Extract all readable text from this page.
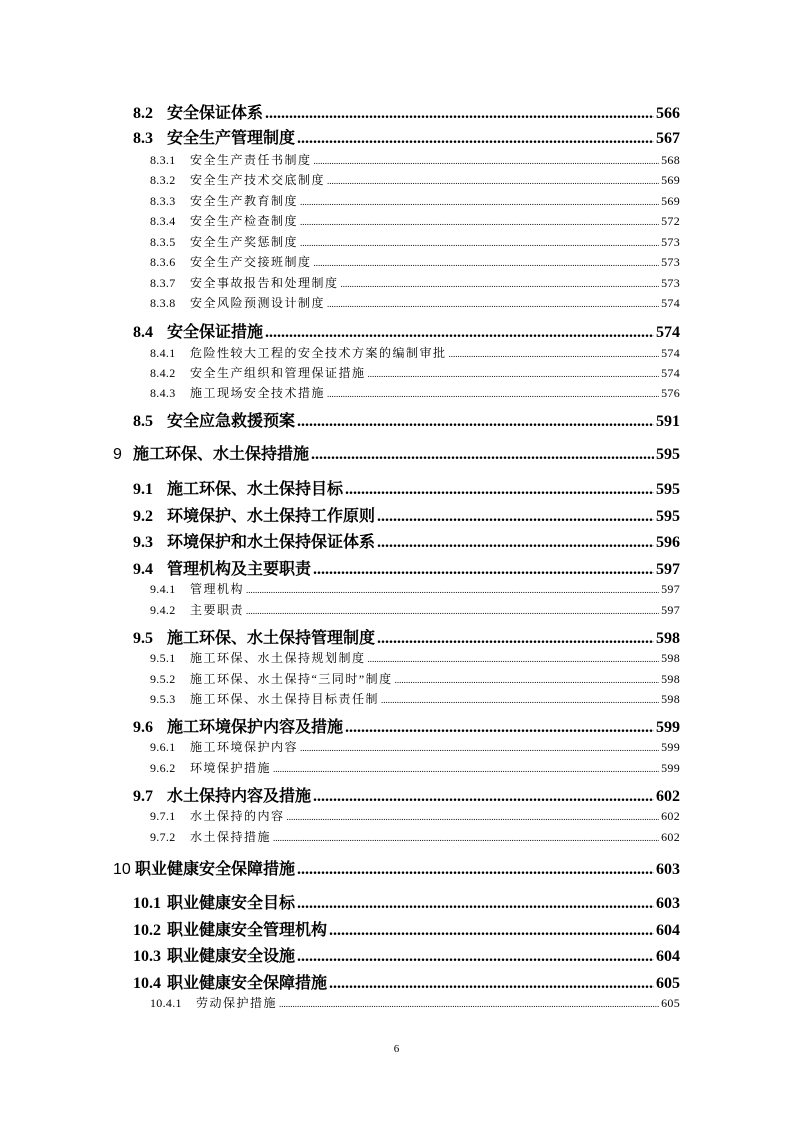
8.2 安全保证体系 .....	566
8.3 安全生产管理制度 .....	567
8.3.1	安全生产责任书制度 .....	568
8.3.2	安全生产技术交底制度 .....	569
8.3.3	安全生产教育制度 .....	569
8.3.4	安全生产检查制度 .....	572
8.3.5	安全生产奖惩制度 .....	573
8.3.6	安全生产交接班制度 .....	573
8.3.7	安全事故报告和处理制度 .....	573
8.3.8	安全风险预测设计制度 .....	574
8.4 安全保证措施 .....	574
8.4.1	危险性较大工程的安全技术方案的编制审批 .....	574
8.4.2	安全生产组织和管理保证措施 .....	574
8.4.3	施工现场安全技术措施 .....	576
8.5 安全应急救援预案 .....	591
9 施工环保、水土保持措施 .....	595
9.1 施工环保、水土保持目标 .....	595
9.2 环境保护、水土保持工作原则 .....	595
9.3 环境保护和水土保持保证体系 .....	596
9.4 管理机构及主要职责 .....	597
9.4.1	管理机构 .....	597
9.4.2	主要职责 .....	597
9.5 施工环保、水土保持管理制度 .....	598
9.5.1	施工环保、水土保持规划制度 .....	598
9.5.2	施工环保、水土保持“三同时”制度 .....	598
9.5.3	施工环保、水土保持目标责任制 .....	598
9.6 施工环境保护内容及措施 .....	599
9.6.1	施工环境保护内容 .....	599
9.6.2	环境保护措施 .....	599
9.7 水土保持内容及措施 .....	602
9.7.1	水土保持的内容 .....	602
9.7.2	水土保持措施 .....	602
10 职业健康安全保障措施 .....	603
10.1 职业健康安全目标 .....	603
10.2 职业健康安全管理机构 .....	604
10.3 职业健康安全设施 .....	604
10.4 职业健康安全保障措施 .....	605
10.4.1	劳动保护措施 .....	605
6
